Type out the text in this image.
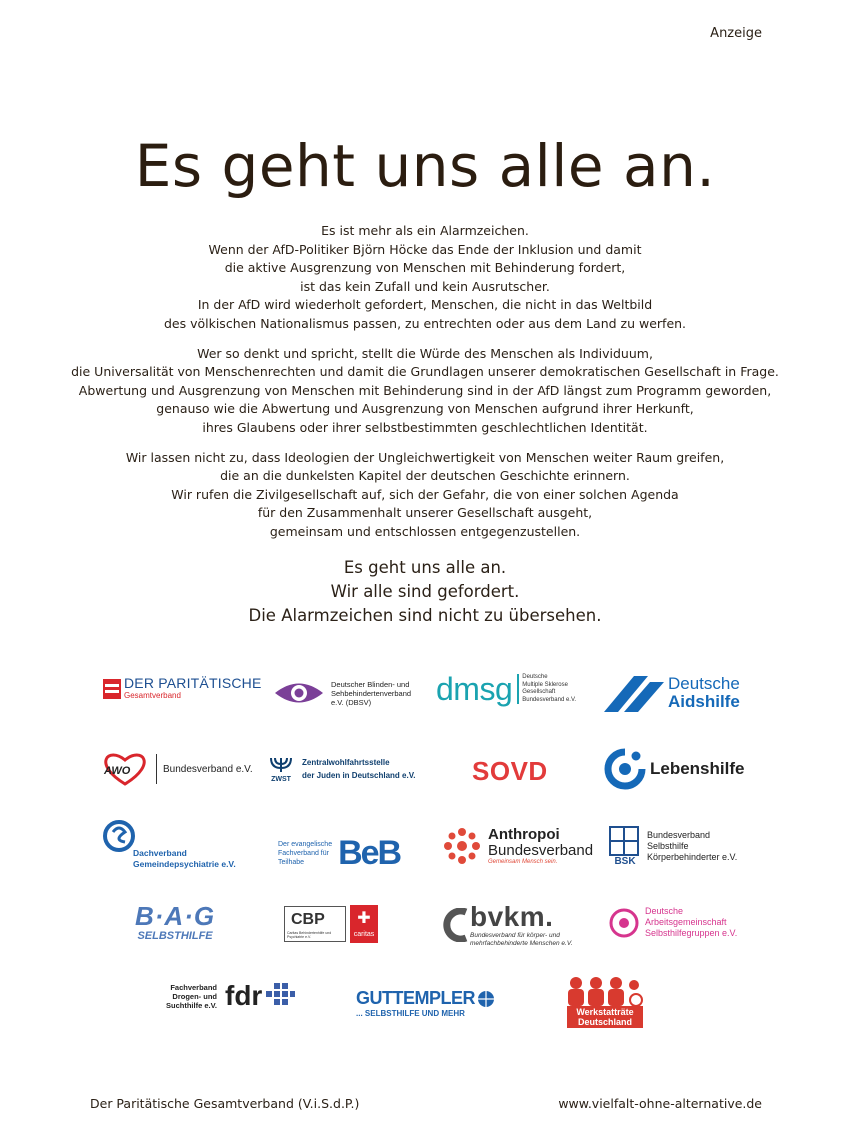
Anzeige
Es geht uns alle an.

Es ist mehr als ein Alarmzeichen.
Wenn der AfD-Politiker Björn Höcke das Ende der Inklusion und damit
die aktive Ausgrenzung von Menschen mit Behinderung fordert,
ist das kein Zufall und kein Ausrutscher.
In der AfD wird wiederholt gefordert, Menschen, die nicht in das Weltbild
des völkischen Nationalismus passen, zu entrechten oder aus dem Land zu werfen.

Wer so denkt und spricht, stellt die Würde des Menschen als Individuum,
die Universalität von Menschenrechten und damit die Grundlagen unserer demokratischen Gesellschaft in Frage.
Abwertung und Ausgrenzung von Menschen mit Behinderung sind in der AfD längst zum Programm geworden,
genauso wie die Abwertung und Ausgrenzung von Menschen aufgrund ihrer Herkunft,
ihres Glaubens oder ihrer selbstbestimmten geschlechtlichen Identität.

Wir lassen nicht zu, dass Ideologien der Ungleichwertigkeit von Menschen weiter Raum greifen,
die an die dunkelsten Kapitel der deutschen Geschichte erinnern.
Wir rufen die Zivilgesellschaft auf, sich der Gefahr, die von einer solchen Agenda
für den Zusammenhalt unserer Gesellschaft ausgeht,
gemeinsam und entschlossen entgegenzustellen.

Es geht uns alle an.
Wir alle sind gefordert.
Die Alarmzeichen sind nicht zu übersehen.
DER PARITÄTISCHE
Gesamtverband
Deutscher Blinden- und
Sehbehindertenverband
e.V. (DBSV)	dmsg Deutsche
Multiple Sklerose
Gesellschaft
Bundesverband e.V.
Deutsche
Aidshilfe
AWO	Bundesverband e.V.
ZWST
Zentralwohlfahrtsstelle
der Juden in Deutschland e.V. SOVD	Lebenshilfe
Dachverband
Gemeindepsychiatrie e.V.
Der evangelische
Fachverband für
Teilhabe	BeB	Anthropoi
Bundesverband
Gemeinsam Mensch sein.	BSK
Bundesverband
Selbsthilfe
Körperbehinderter e.V.
B·A·G
SELBSTHILFE
CBP
Caritas Behindertenhilfe und Psychiatrie e.V.
✚
caritas
bvkm.
Bundesverband für körper- und
mehrfachbehinderte Menschen e.V.
Deutsche
Arbeitsgemeinschaft
Selbsthilfegruppen e.V.
Fachverband
Drogen- und
Suchthilfe e.V. fdr	GUTTEMPLER
... SELBSTHILFE UND MEHR	Werkstatträte
Deutschland
Der Paritätische Gesamtverband (V.i.S.d.P.)	www.vielfalt-ohne-alternative.de
